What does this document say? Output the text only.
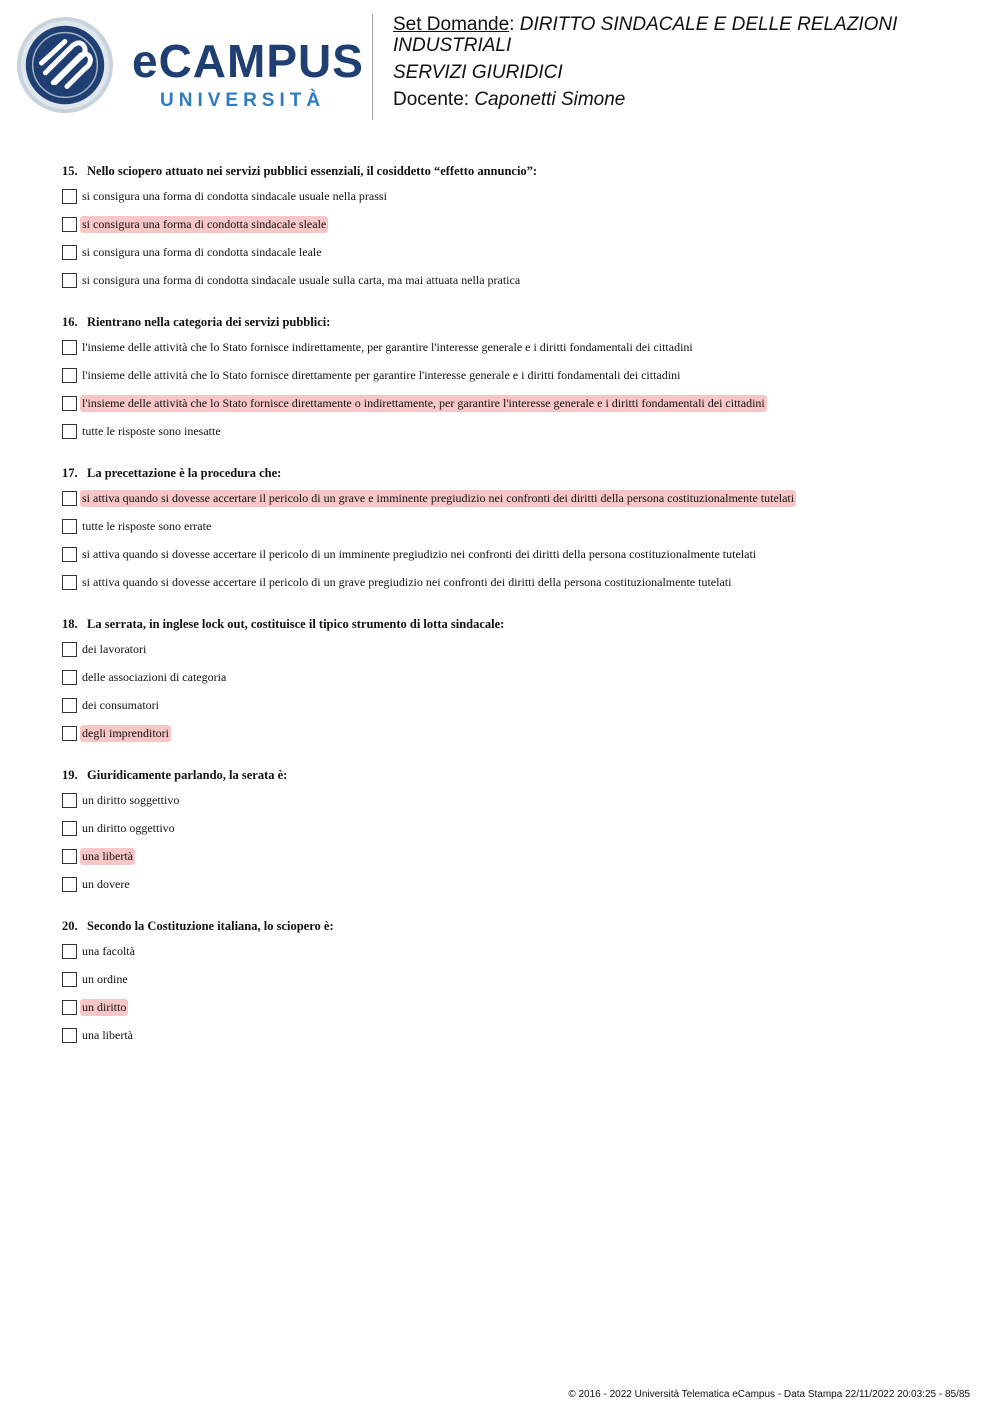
eCAMPUS
UNIVERSITÀ
Set Domande: DIRITTO SINDACALE E DELLE RELAZIONI INDUSTRIALI
SERVIZI GIURIDICI
Docente: Caponetti Simone
15. Nello sciopero attuato nei servizi pubblici essenziali, il cosiddetto “effetto annuncio”:
si consigura una forma di condotta sindacale usuale nella prassi
si consigura una forma di condotta sindacale sleale
si consigura una forma di condotta sindacale leale
si consigura una forma di condotta sindacale usuale sulla carta, ma mai attuata nella pratica
16. Rientrano nella categoria dei servizi pubblici:
l'insieme delle attività che lo Stato fornisce indirettamente, per garantire l'interesse generale e i diritti fondamentali dei cittadini
l'insieme delle attività che lo Stato fornisce direttamente per garantire l'interesse generale e i diritti fondamentali dei cittadini
l'insieme delle attività che lo Stato fornisce direttamente o indirettamente, per garantire l'interesse generale e i diritti fondamentali dei cittadini
tutte le risposte sono inesatte
17. La precettazione è la procedura che:
si attiva quando si dovesse accertare il pericolo di un grave e imminente pregiudizio nei confronti dei diritti della persona costituzionalmente tutelati
tutte le risposte sono errate
si attiva quando si dovesse accertare il pericolo di un imminente pregiudizio nei confronti dei diritti della persona costituzionalmente tutelati
si attiva quando si dovesse accertare il pericolo di un grave pregiudizio nei confronti dei diritti della persona costituzionalmente tutelati
18. La serrata, in inglese lock out, costituisce il tipico strumento di lotta sindacale:
dei lavoratori
delle associazioni di categoria
dei consumatori
degli imprenditori
19. Giuridicamente parlando, la serata è:
un diritto soggettivo
un diritto oggettivo
una libertà
un dovere
20. Secondo la Costituzione italiana, lo sciopero è:
una facoltà
un ordine
un diritto
una libertà
© 2016 - 2022 Università Telematica eCampus - Data Stampa 22/11/2022 20:03:25 - 85/85
